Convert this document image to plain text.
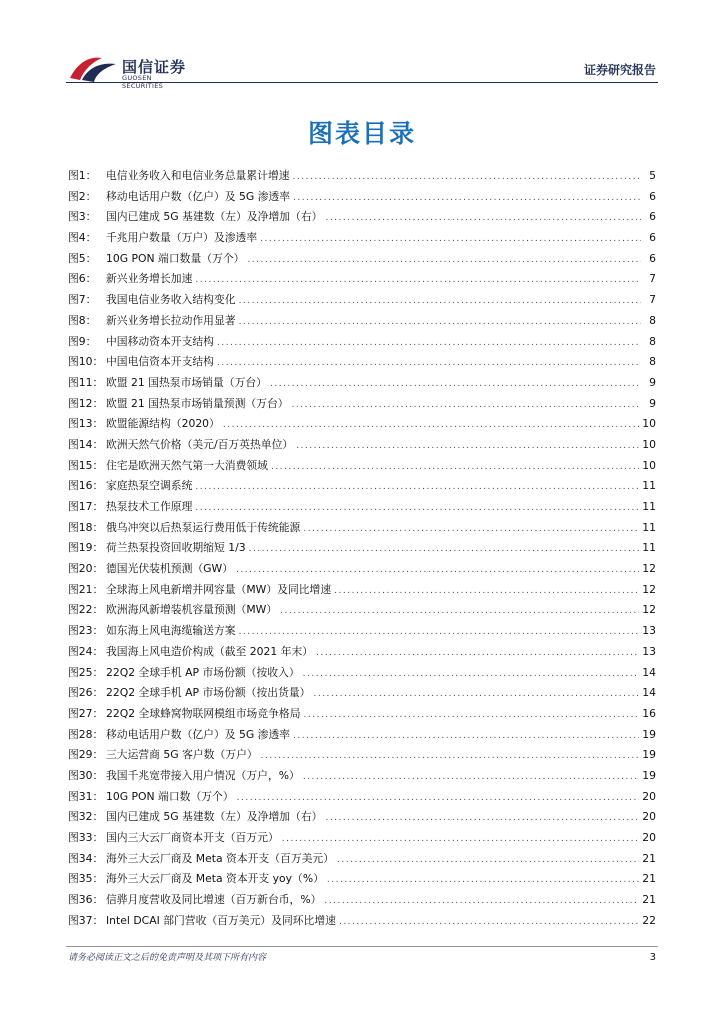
国信证券
GUOSEN SECURITIES
证券研究报告
图表目录
图1： 电信业务收入和电信业务总量累计增速 .....	5
图2： 移动电话用户数（亿户）及 5G 渗透率 .....	6
图3： 国内已建成 5G 基建数（左）及净增加（右） .....	6
图4： 千兆用户数量（万户）及渗透率 .....	6
图5： 10G PON 端口数量（万个） .....	6
图6： 新兴业务增长加速 .....	7
图7： 我国电信业务收入结构变化 .....	7
图8： 新兴业务增长拉动作用显著 .....	8
图9： 中国移动资本开支结构 .....	8
图10： 中国电信资本开支结构 .....	8
图11： 欧盟 21 国热泵市场销量（万台） .....	9
图12： 欧盟 21 国热泵市场销量预测（万台） .....	9
图13： 欧盟能源结构（2020） .....	10
图14： 欧洲天然气价格（美元/百万英热单位） .....	10
图15： 住宅是欧洲天然气第一大消费领域 .....	10
图16： 家庭热泵空调系统 .....	11
图17： 热泵技术工作原理 .....	11
图18： 俄乌冲突以后热泵运行费用低于传统能源 .....	11
图19： 荷兰热泵投资回收期缩短 1/3 .....	11
图20： 德国光伏装机预测（GW） .....	12
图21： 全球海上风电新增并网容量（MW）及同比增速 .....	12
图22： 欧洲海风新增装机容量预测（MW） .....	12
图23： 如东海上风电海缆输送方案 .....	13
图24： 我国海上风电造价构成（截至 2021 年末） .....	13
图25： 22Q2 全球手机 AP 市场份额（按收入） .....	14
图26： 22Q2 全球手机 AP 市场份额（按出货量） .....	14
图27： 22Q2 全球蜂窝物联网模组市场竞争格局 .....	16
图28： 移动电话用户数（亿户）及 5G 渗透率 .....	19
图29： 三大运营商 5G 客户数（万户） .....	19
图30： 我国千兆宽带接入用户情况（万户，%） .....	19
图31： 10G PON 端口数（万个） .....	20
图32： 国内已建成 5G 基建数（左）及净增加（右） .....	20
图33： 国内三大云厂商资本开支（百万元） .....	20
图34： 海外三大云厂商及 Meta 资本开支（百万美元） .....	21
图35： 海外三大云厂商及 Meta 资本开支 yoy（%） .....	21
图36： 信骅月度营收及同比增速（百万新台币，%） .....	21
图37： Intel DCAI 部门营收（百万美元）及同环比增速 .....	22
请务必阅读正文之后的免责声明及其项下所有内容	3
